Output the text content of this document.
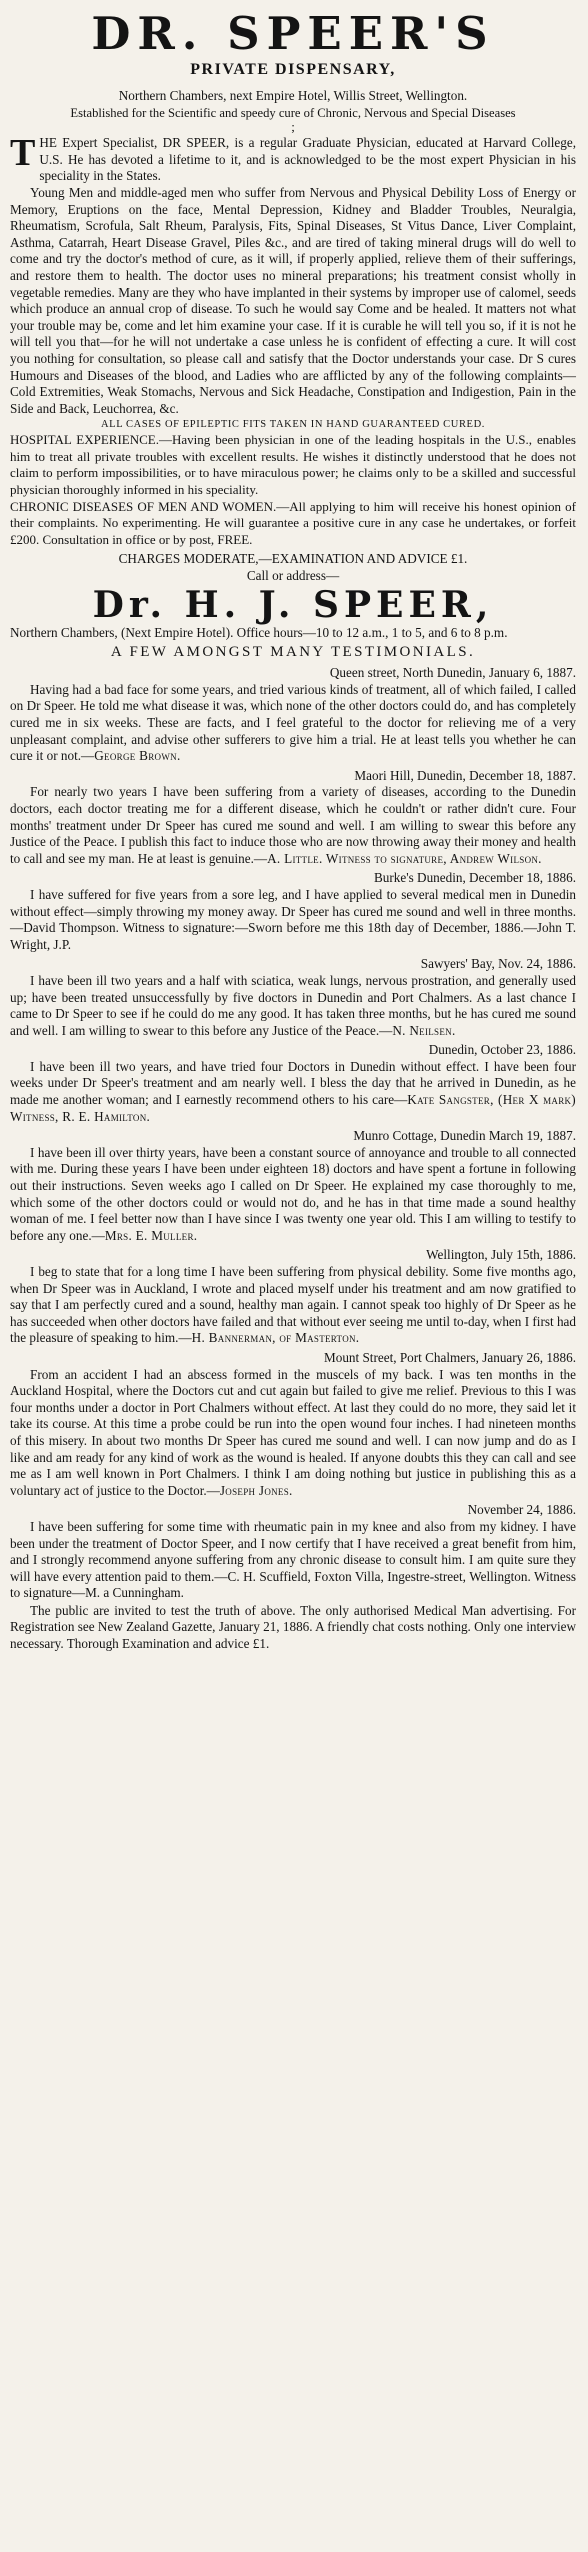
DR. SPEER'S
PRIVATE DISPENSARY,

Northern Chambers, next Empire Hotel, Willis Street, Wellington.

Established for the Scientific and speedy cure of Chronic, Nervous and Special Diseases

;

THE Expert Specialist, DR SPEER, is a regular Graduate Physician, educated at Harvard College, U.S. He has devoted a lifetime to it, and is acknowledged to be the most expert Physician in his speciality in the States.

Young Men and middle-aged men who suffer from Nervous and Physical Debility Loss of Energy or Memory, Eruptions on the face, Mental Depression, Kidney and Bladder Troubles, Neuralgia, Rheumatism, Scrofula, Salt Rheum, Paralysis, Fits, Spinal Diseases, St Vitus Dance, Liver Complaint, Asthma, Catarrah, Heart Disease Gravel, Piles &c., and are tired of taking mineral drugs will do well to come and try the doctor's method of cure, as it will, if properly applied, relieve them of their sufferings, and restore them to health. The doctor uses no mineral preparations; his treatment consist wholly in vegetable remedies. Many are they who have implanted in their systems by improper use of calomel, seeds which produce an annual crop of disease. To such he would say Come and be healed. It matters not what your trouble may be, come and let him examine your case. If it is curable he will tell you so, if it is not he will tell you that—for he will not undertake a case unless he is confident of effecting a cure. It will cost you nothing for consultation, so please call and satisfy that the Doctor understands your case. Dr S cures Humours and Diseases of the blood, and Ladies who are afflicted by any of the following complaints—Cold Extremities, Weak Stomachs, Nervous and Sick Headache, Constipation and Indigestion, Pain in the Side and Back, Leuchorrea, &c.

ALL CASES OF EPILEPTIC FITS TAKEN IN HAND GUARANTEED CURED.

HOSPITAL EXPERIENCE.—Having been physician in one of the leading hospitals in the U.S., enables him to treat all private troubles with excellent results. He wishes it distinctly understood that he does not claim to perform impossibilities, or to have miraculous power; he claims only to be a skilled and successful physician thoroughly informed in his speciality.

CHRONIC DISEASES OF MEN AND WOMEN.—All applying to him will receive his honest opinion of their complaints. No experimenting. He will guarantee a positive cure in any case he undertakes, or forfeit £200. Consultation in office or by post, FREE.

CHARGES MODERATE,—EXAMINATION AND ADVICE £1.

Call or address—

Dr. H. J. SPEER,

Northern Chambers, (Next Empire Hotel). Office hours—10 to 12 a.m., 1 to 5, and 6 to 8 p.m.

A FEW AMONGST MANY TESTIMONIALS.

Queen street, North Dunedin, January 6, 1887.

Having had a bad face for some years, and tried various kinds of treatment, all of which failed, I called on Dr Speer. He told me what disease it was, which none of the other doctors could do, and has completely cured me in six weeks. These are facts, and I feel grateful to the doctor for relieving me of a very unpleasant complaint, and advise other sufferers to give him a trial. He at least tells you whether he can cure it or not.—George Brown.

Maori Hill, Dunedin, December 18, 1887.

For nearly two years I have been suffering from a variety of diseases, according to the Dunedin doctors, each doctor treating me for a different disease, which he couldn't or rather didn't cure. Four months' treatment under Dr Speer has cured me sound and well. I am willing to swear this before any Justice of the Peace. I publish this fact to induce those who are now throwing away their money and health to call and see my man. He at least is genuine.—A. Little. Witness to signature, Andrew Wilson.

Burke's Dunedin, December 18, 1886.

I have suffered for five years from a sore leg, and I have applied to several medical men in Dunedin without effect—simply throwing my money away. Dr Speer has cured me sound and well in three months.—David Thompson. Witness to signature:—Sworn before me this 18th day of December, 1886.—John T. Wright, J.P.

Sawyers' Bay, Nov. 24, 1886.

I have been ill two years and a half with sciatica, weak lungs, nervous prostration, and generally used up; have been treated unsuccessfully by five doctors in Dunedin and Port Chalmers. As a last chance I came to Dr Speer to see if he could do me any good. It has taken three months, but he has cured me sound and well. I am willing to swear to this before any Justice of the Peace.—N. Neilsen.

Dunedin, October 23, 1886.

I have been ill two years, and have tried four Doctors in Dunedin without effect. I have been four weeks under Dr Speer's treatment and am nearly well. I bless the day that he arrived in Dunedin, as he made me another woman; and I earnestly recommend others to his care—Kate Sangster, (Her X mark) Witness, R. E. Hamilton.

Munro Cottage, Dunedin March 19, 1887.

I have been ill over thirty years, have been a constant source of annoyance and trouble to all connected with me. During these years I have been under eighteen 18) doctors and have spent a fortune in following out their instructions. Seven weeks ago I called on Dr Speer. He explained my case thoroughly to me, which some of the other doctors could or would not do, and he has in that time made a sound healthy woman of me. I feel better now than I have since I was twenty one year old. This I am willing to testify to before any one.—Mrs. E. Muller.

Wellington, July 15th, 1886.

I beg to state that for a long time I have been suffering from physical debility. Some five months ago, when Dr Speer was in Auckland, I wrote and placed myself under his treatment and am now gratified to say that I am perfectly cured and a sound, healthy man again. I cannot speak too highly of Dr Speer as he has succeeded when other doctors have failed and that without ever seeing me until to-day, when I first had the pleasure of speaking to him.—H. Bannerman, of Masterton.

Mount Street, Port Chalmers, January 26, 1886.

From an accident I had an abscess formed in the muscels of my back. I was ten months in the Auckland Hospital, where the Doctors cut and cut again but failed to give me relief. Previous to this I was four months under a doctor in Port Chalmers without effect. At last they could do no more, they said let it take its course. At this time a probe could be run into the open wound four inches. I had nineteen months of this misery. In about two months Dr Speer has cured me sound and well. I can now jump and do as I like and am ready for any kind of work as the wound is healed. If anyone doubts this they can call and see me as I am well known in Port Chalmers. I think I am doing nothing but justice in publishing this as a voluntary act of justice to the Doctor.—Joseph Jones.

November 24, 1886.

I have been suffering for some time with rheumatic pain in my knee and also from my kidney. I have been under the treatment of Doctor Speer, and I now certify that I have received a great benefit from him, and I strongly recommend anyone suffering from any chronic disease to consult him. I am quite sure they will have every attention paid to them.—C. H. Scuffield, Foxton Villa, Ingestre-street, Wellington. Witness to signature—M. a Cunningham.

The public are invited to test the truth of above. The only authorised Medical Man advertising. For Registration see New Zealand Gazette, January 21, 1886. A friendly chat costs nothing. Only one interview necessary. Thorough Examination and advice £1.
